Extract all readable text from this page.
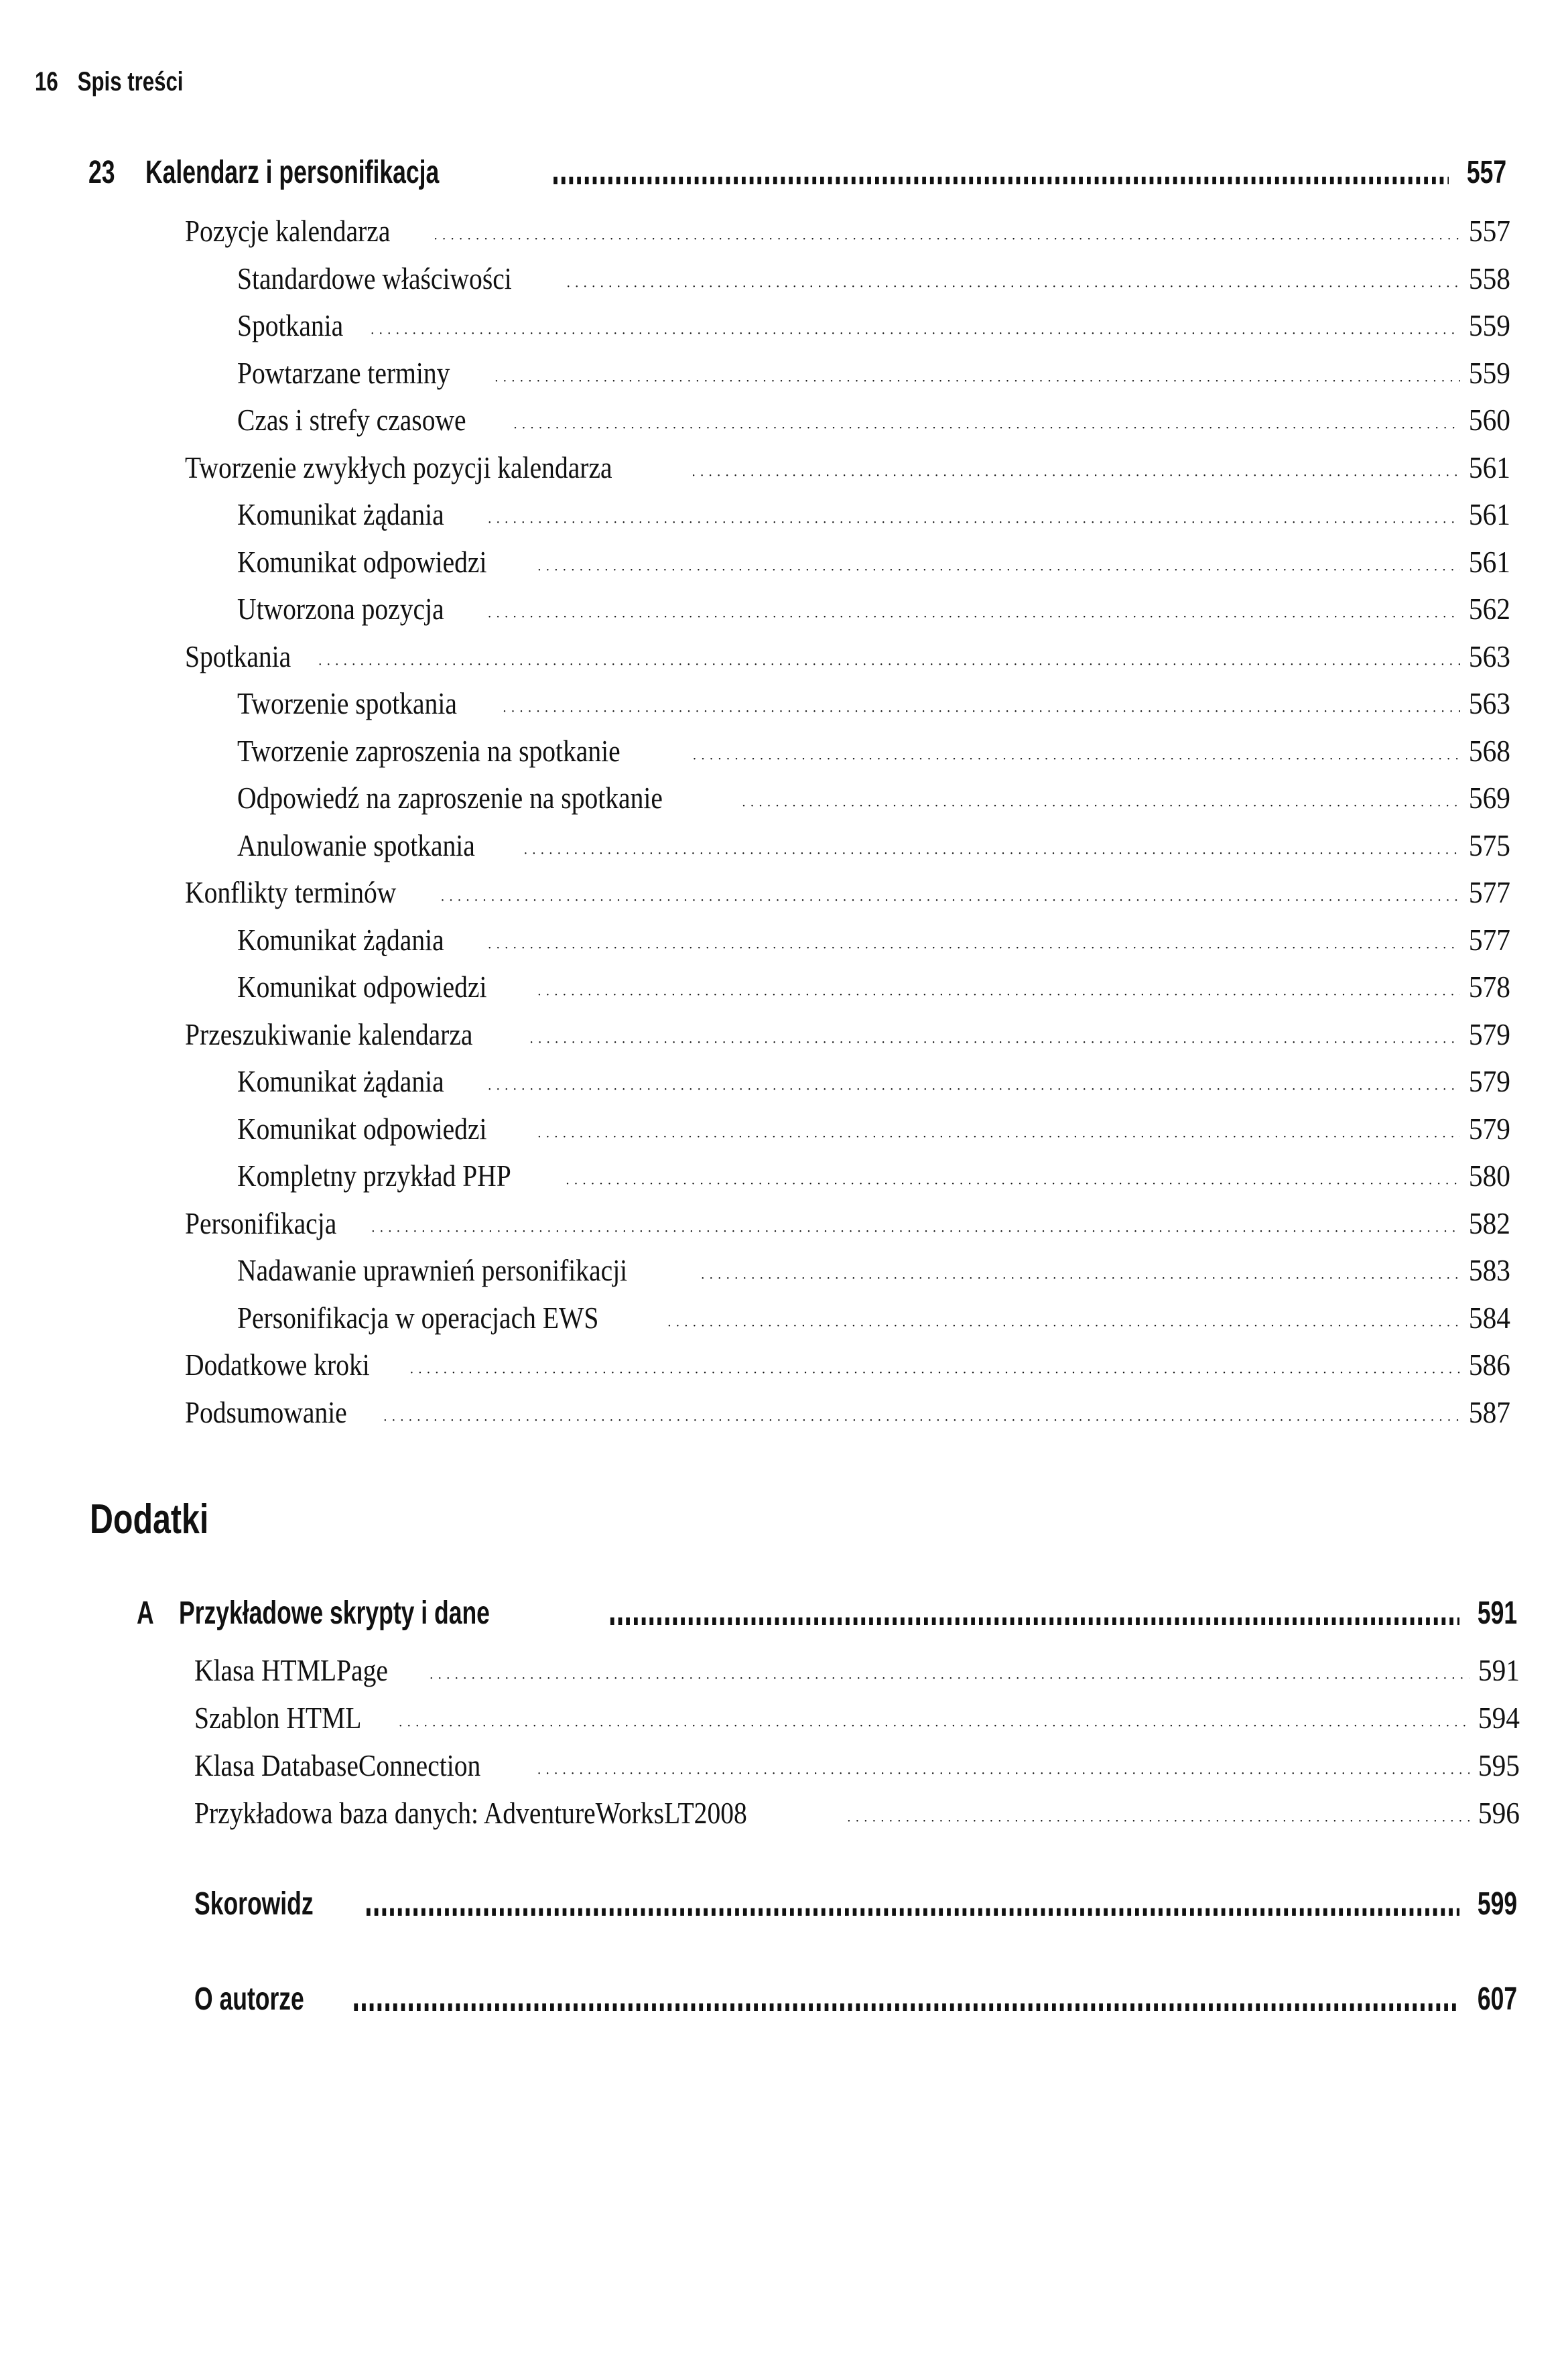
16 Spis treści
23 Kalendarz i personifikacja ▮▮▮▮▮▮▮▮▮▮▮▮▮▮▮▮▮▮▮▮▮▮▮▮▮▮▮▮▮▮▮▮▮▮▮▮▮▮▮▮▮▮▮▮▮▮▮▮▮▮▮▮▮▮▮▮▮▮▮▮▮▮▮▮▮▮▮▮▮▮▮▮▮▮▮▮▮▮▮▮▮▮▮▮▮▮▮▮▮▮▮▮▮▮▮▮▮▮▮▮▮▮▮▮▮▮▮▮▮▮▮▮▮▮▮▮▮▮▮▮▮▮▮▮▮▮▮▮▮▮▮▮▮▮▮▮▮▮▮▮▮▮▮▮▮▮▮▮	557
Pozycje kalendarza •••••	557
Standardowe właściwości •••••	558
Spotkania •••••	559
Powtarzane terminy •••••	559
Czas i strefy czasowe •••••	560
Tworzenie zwykłych pozycji kalendarza •••••	561
Komunikat żądania •••••	561
Komunikat odpowiedzi •••••	561
Utworzona pozycja •••••	562
Spotkania •••••	563
Tworzenie spotkania •••••	563
Tworzenie zaproszenia na spotkanie •••••	568
Odpowiedź na zaproszenie na spotkanie •••••	569
Anulowanie spotkania •••••	575
Konflikty terminów •••••	577
Komunikat żądania •••••	577
Komunikat odpowiedzi •••••	578
Przeszukiwanie kalendarza •••••	579
Komunikat żądania •••••	579
Komunikat odpowiedzi •••••	579
Kompletny przykład PHP •••••	580
Personifikacja •••••	582
Nadawanie uprawnień personifikacji •••••	583
Personifikacja w operacjach EWS •••••	584
Dodatkowe kroki •••••	586
Podsumowanie •••••	587
Dodatki
A Przykładowe skrypty i dane ▮▮▮▮▮▮▮▮▮▮▮▮▮▮▮▮▮▮▮▮▮▮▮▮▮▮▮▮▮▮▮▮▮▮▮▮▮▮▮▮▮▮▮▮▮▮▮▮▮▮▮▮▮▮▮▮▮▮▮▮▮▮▮▮▮▮▮▮▮▮▮▮▮▮▮▮▮▮▮▮▮▮▮▮▮▮▮▮▮▮▮▮▮▮▮▮▮▮▮▮▮▮▮▮▮▮▮▮▮▮▮▮▮▮▮▮▮▮▮▮▮▮▮▮▮▮▮▮▮▮▮▮▮▮▮▮▮▮▮▮▮▮▮▮▮▮▮▮	591
Klasa HTMLPage •••••	591
Szablon HTML •••••	594
Klasa DatabaseConnection •••••	595
Przykładowa baza danych: AdventureWorksLT2008 •••••	596
Skorowidz ▮▮▮▮▮▮▮▮▮▮▮▮▮▮▮▮▮▮▮▮▮▮▮▮▮▮▮▮▮▮▮▮▮▮▮▮▮▮▮▮▮▮▮▮▮▮▮▮▮▮▮▮▮▮▮▮▮▮▮▮▮▮▮▮▮▮▮▮▮▮▮▮▮▮▮▮▮▮▮▮▮▮▮▮▮▮▮▮▮▮▮▮▮▮▮▮▮▮▮▮▮▮▮▮▮▮▮▮▮▮▮▮▮▮▮▮▮▮▮▮▮▮▮▮▮▮▮▮▮▮▮▮▮▮▮▮▮▮▮▮▮▮▮▮▮▮▮▮	599
O autorze ▮▮▮▮▮▮▮▮▮▮▮▮▮▮▮▮▮▮▮▮▮▮▮▮▮▮▮▮▮▮▮▮▮▮▮▮▮▮▮▮▮▮▮▮▮▮▮▮▮▮▮▮▮▮▮▮▮▮▮▮▮▮▮▮▮▮▮▮▮▮▮▮▮▮▮▮▮▮▮▮▮▮▮▮▮▮▮▮▮▮▮▮▮▮▮▮▮▮▮▮▮▮▮▮▮▮▮▮▮▮▮▮▮▮▮▮▮▮▮▮▮▮▮▮▮▮▮▮▮▮▮▮▮▮▮▮▮▮▮▮▮▮▮▮▮▮▮▮	607
